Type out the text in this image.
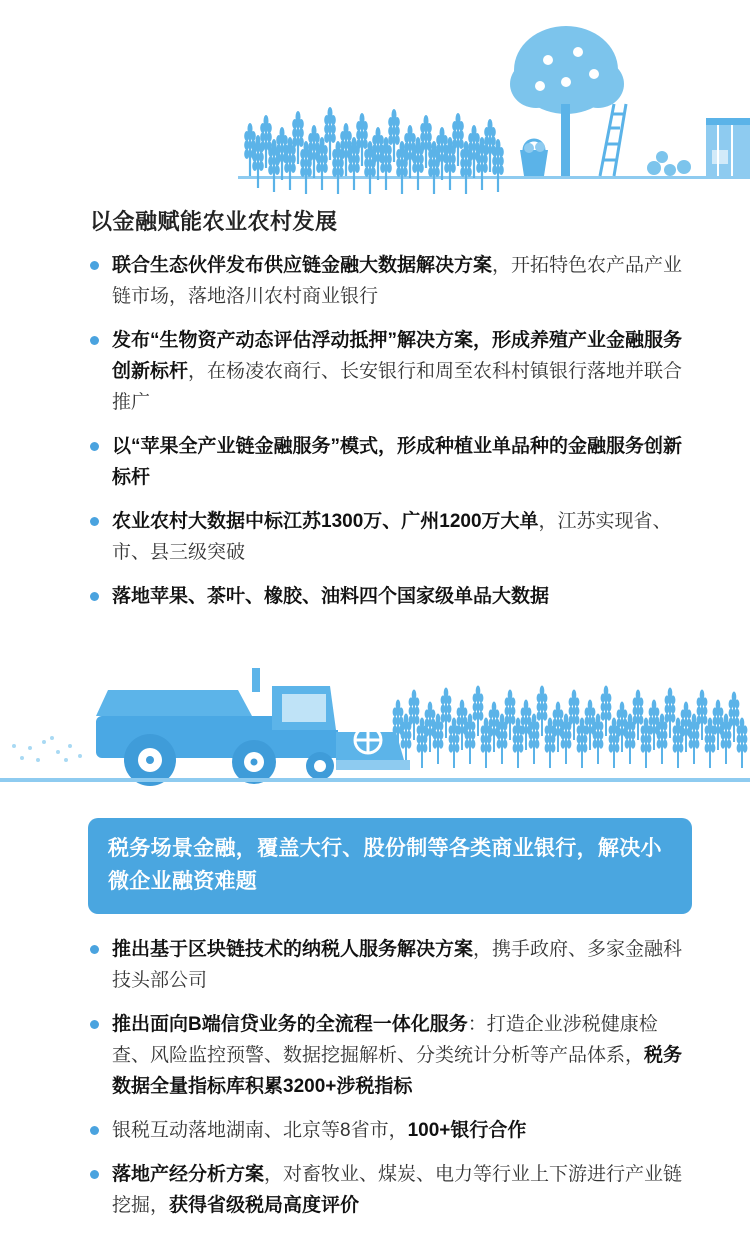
以金融赋能农业农村发展
联合生态伙伴发布供应链金融大数据解决方案，开拓特色农产品产业链市场，落地洛川农村商业银行
发布“生物资产动态评估浮动抵押”解决方案，形成养殖产业金融服务创新标杆，在杨凌农商行、长安银行和周至农科村镇银行落地并联合推广
以“苹果全产业链金融服务”模式，形成种植业单品种的金融服务创新标杆
农业农村大数据中标江苏1300万、广州1200万大单，江苏实现省、市、县三级突破
落地苹果、茶叶、橡胶、油料四个国家级单品大数据
税务场景金融，覆盖大行、股份制等各类商业银行，解决小微企业融资难题
推出基于区块链技术的纳税人服务解决方案，携手政府、多家金融科技头部公司
推出面向B端信贷业务的全流程一体化服务：打造企业涉税健康检查、风险监控预警、数据挖掘解析、分类统计分析等产品体系，税务数据全量指标库积累3200+涉税指标
银税互动落地湖南、北京等8省市，100+银行合作
落地产经分析方案，对畜牧业、煤炭、电力等行业上下游进行产业链挖掘，获得省级税局高度评价
